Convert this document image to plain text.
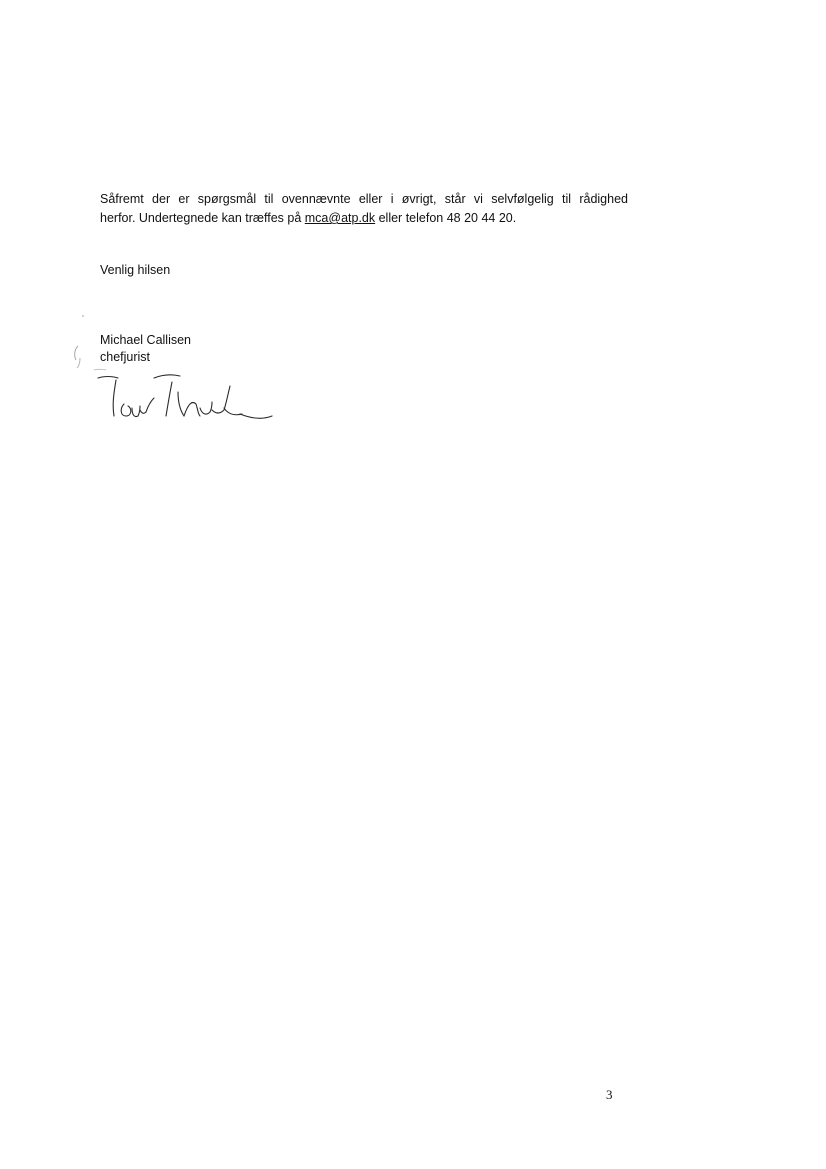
Såfremt der er spørgsmål til ovennævnte eller i øvrigt, står vi selvfølgelig til rådighed
herfor. Undertegnede kan træffes på mca@atp.dk eller telefon 48 20 44 20.
Venlig hilsen
Michael Callisen
chefjurist
3
